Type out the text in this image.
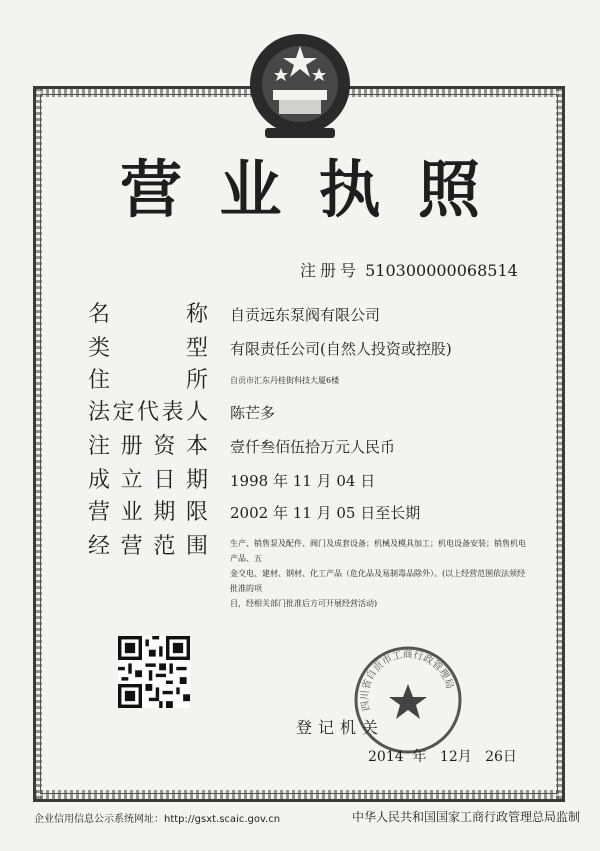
营 业 执 照
注册号 510300000068514
名	称 自贡远东泵阀有限公司
类	型 有限责任公司(自然人投资或控股)
住	所	自贡市汇东丹桂街科技大厦6楼
法 定 代 表 人 陈芒多
注 册 资 本 壹仟叁佰伍拾万元人民币
成 立 日 期 1998 年 11 月 04 日
营 业 期 限 2002 年 11 月 05 日至长期
经 营 范 围	生产、销售泵及配件、阀门及成套设备；机械及模具加工；机电设备安装；销售机电产品、五
金交电、建材、钢材、化工产品（危化品及易制毒品除外）。(以上经营范围依法须经批准的项
目，经相关部门批准后方可开展经营活动)
四川省自贡市工商行政管理局
登记机关
2014 年 12月 26日
企业信用信息公示系统网址：http://gsxt.scaic.gov.cn	中华人民共和国国家工商行政管理总局监制
